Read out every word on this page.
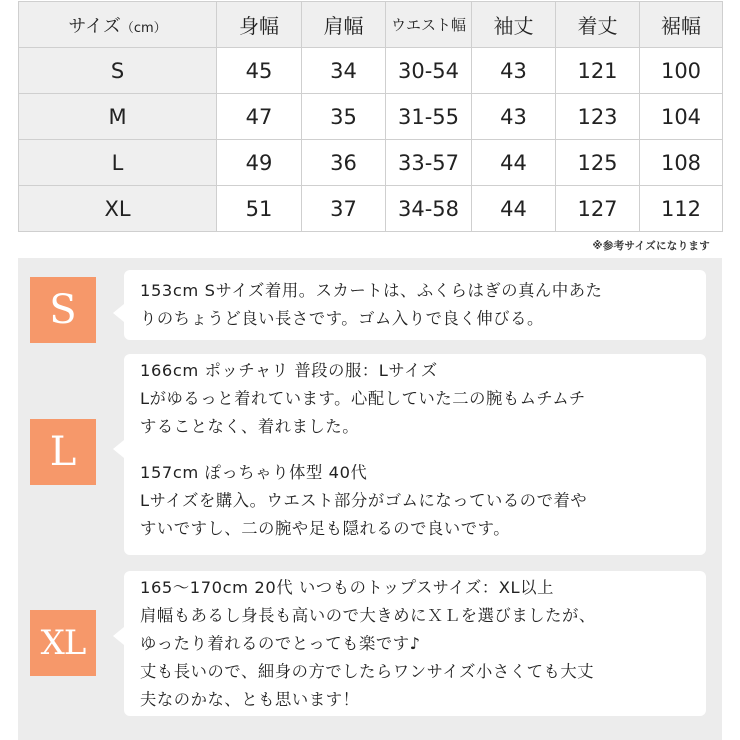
サイズ（cm）	身幅	肩幅	ウエスト幅	袖丈	着丈	裾幅
S	45	34	30-54	43	121	100
M	47	35	31-55	43	123	104
L	49	36	33-57	44	125	108
XL	51	37	34-58	44	127	112
※参考サイズになります
S	153cm Sサイズ着用。スカートは、ふくらはぎの真ん中あた
りのちょうど良い長さです。ゴム入りで良く伸びる。

L

166cm ポッチャリ 普段の服：Lサイズ
Lがゆるっと着れています。心配していた二の腕もムチムチ
することなく、着れました。

157cm ぽっちゃり体型 40代
Lサイズを購入。ウエスト部分がゴムになっているので着や
すいですし、二の腕や足も隠れるので良いです。

XL

165～170cm 20代 いつものトップスサイズ：XL以上
肩幅もあるし身長も高いので大きめにＸＬを選びましたが、
ゆったり着れるのでとっても楽です♪
丈も長いので、細身の方でしたらワンサイズ小さくても大丈
夫なのかな、とも思います！
